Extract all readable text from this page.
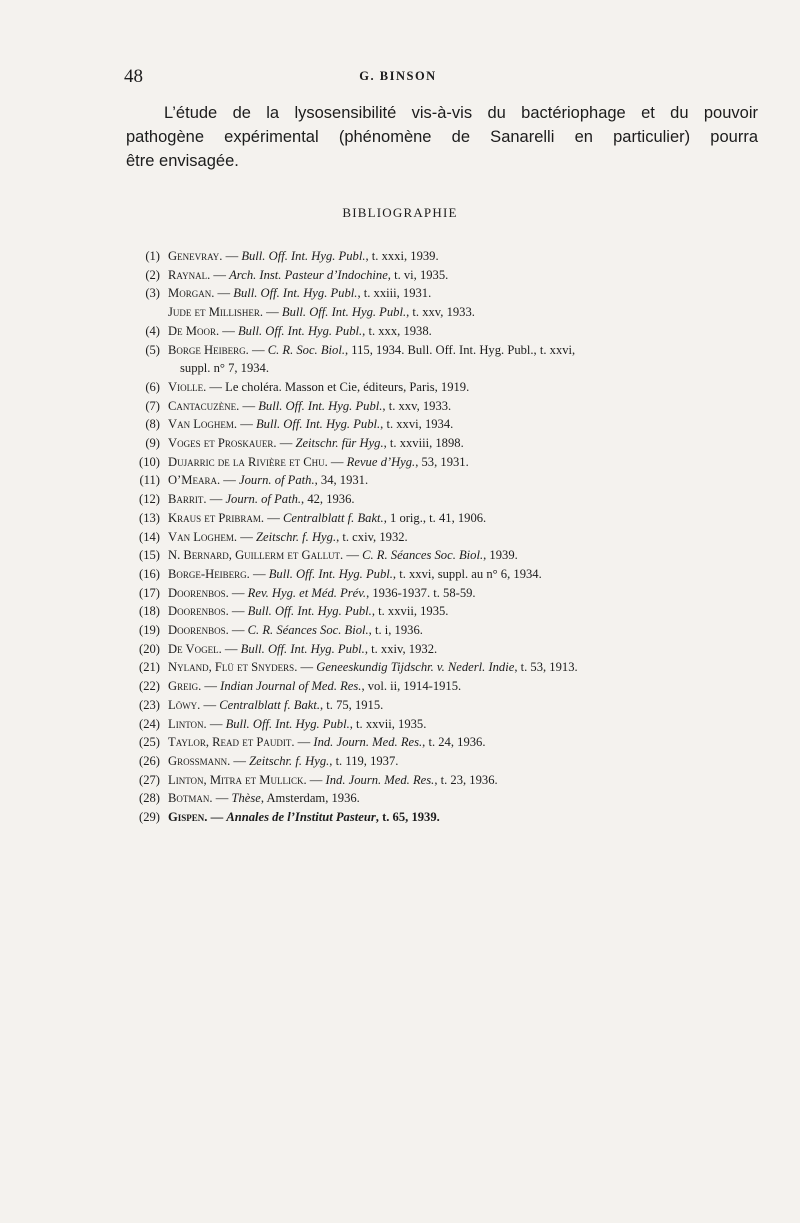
48	G. BINSON
L’étude de la lysosensibilité vis-à-vis du bactériophage et du pouvoir
pathogène expérimental (phénomène de Sanarelli en particulier) pourra
être envisagée.
BIBLIOGRAPHIE
(1) Genevray. — Bull. Off. Int. Hyg. Publ., t. xxxi, 1939.
(2) Raynal. — Arch. Inst. Pasteur d’Indochine, t. vi, 1935.
(3) Morgan. — Bull. Off. Int. Hyg. Publ., t. xxiii, 1931.
Jude et Millisher. — Bull. Off. Int. Hyg. Publ., t. xxv, 1933.
(4) De Moor. — Bull. Off. Int. Hyg. Publ., t. xxx, 1938.
(5) Borge Heiberg. — C. R. Soc. Biol., 115, 1934. Bull. Off. Int. Hyg. Publ., t. xxvi,
suppl. n° 7, 1934.
(6) Violle. — Le choléra. Masson et Cie, éditeurs, Paris, 1919.
(7) Cantacuzène. — Bull. Off. Int. Hyg. Publ., t. xxv, 1933.
(8) Van Loghem. — Bull. Off. Int. Hyg. Publ., t. xxvi, 1934.
(9) Voges et Proskauer. — Zeitschr. für Hyg., t. xxviii, 1898.
(10) Dujarric de la Rivière et Chu. — Revue d’Hyg., 53, 1931.
(11) O’Meara. — Journ. of Path., 34, 1931.
(12) Barrit. — Journ. of Path., 42, 1936.
(13) Kraus et Pribram. — Centralblatt f. Bakt., 1 orig., t. 41, 1906.
(14) Van Loghem. — Zeitschr. f. Hyg., t. cxiv, 1932.
(15) N. Bernard, Guillerm et Gallut. — C. R. Séances Soc. Biol., 1939.
(16) Borge-Heiberg. — Bull. Off. Int. Hyg. Publ., t. xxvi, suppl. au n° 6, 1934.
(17) Doorenbos. — Rev. Hyg. et Méd. Prév., 1936-1937. t. 58-59.
(18) Doorenbos. — Bull. Off. Int. Hyg. Publ., t. xxvii, 1935.
(19) Doorenbos. — C. R. Séances Soc. Biol., t. i, 1936.
(20) De Vogel. — Bull. Off. Int. Hyg. Publ., t. xxiv, 1932.
(21) Nyland, Flü et Snyders. — Geneeskundig Tijdschr. v. Nederl. Indie, t. 53, 1913.
(22) Greig. — Indian Journal of Med. Res., vol. ii, 1914-1915.
(23) Löwy. — Centralblatt f. Bakt., t. 75, 1915.
(24) Linton. — Bull. Off. Int. Hyg. Publ., t. xxvii, 1935.
(25) Taylor, Read et Paudit. — Ind. Journ. Med. Res., t. 24, 1936.
(26) Grossmann. — Zeitschr. f. Hyg., t. 119, 1937.
(27) Linton, Mitra et Mullick. — Ind. Journ. Med. Res., t. 23, 1936.
(28) Botman. — Thèse, Amsterdam, 1936.
(29) Gispen. — Annales de l’Institut Pasteur, t. 65, 1939.
